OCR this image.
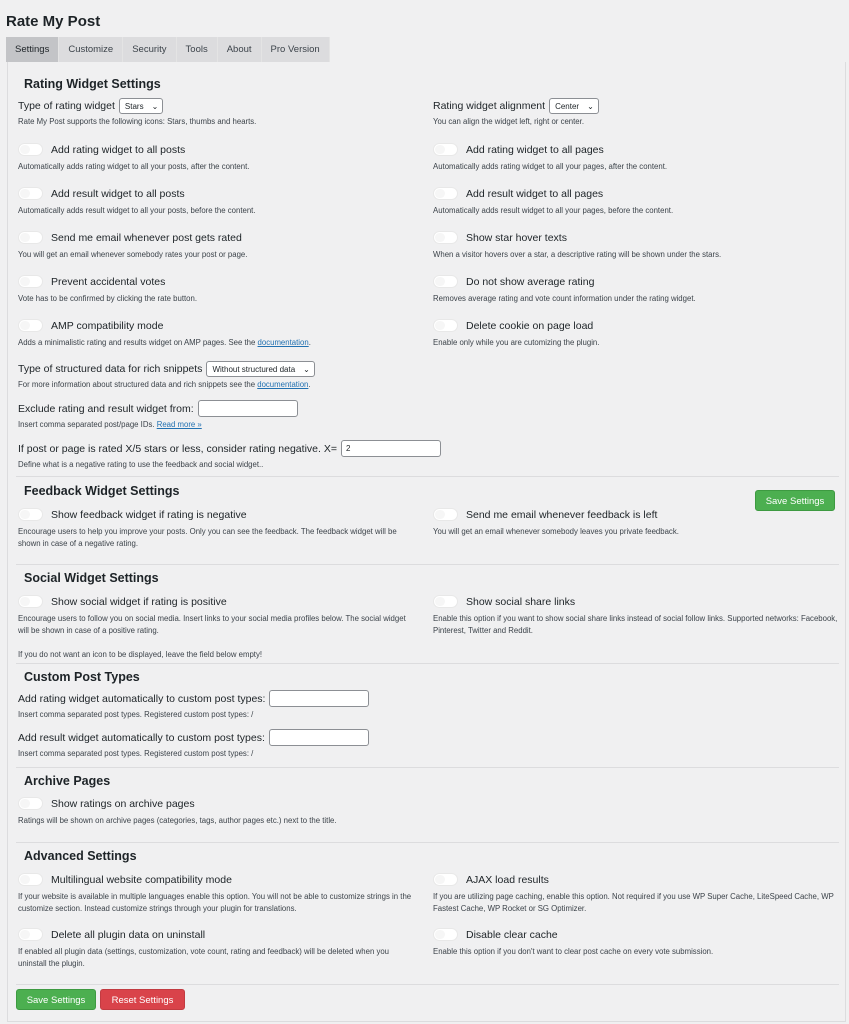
Rate My Post
Settings	Customize	Security	Tools	About	Pro Version
Rating Widget Settings
Type of rating widget Stars ⌄
Rate My Post supports the following icons: Stars, thumbs and hearts.
Rating widget alignment Center ⌄
You can align the widget left, right or center.
Add rating widget to all posts
Automatically adds rating widget to all your posts, after the content.
Add result widget to all posts
Automatically adds result widget to all your posts, before the content.
Send me email whenever post gets rated
You will get an email whenever somebody rates your post or page.
Prevent accidental votes
Vote has to be confirmed by clicking the rate button.
AMP compatibility mode
Adds a minimalistic rating and results widget on AMP pages. See the documentation.
Add rating widget to all pages
Automatically adds rating widget to all your pages, after the content.
Add result widget to all pages
Automatically adds result widget to all your pages, before the content.
Show star hover texts
When a visitor hovers over a star, a descriptive rating will be shown under the stars.
Do not show average rating
Removes average rating and vote count information under the rating widget.
Delete cookie on page load
Enable only while you are cutomizing the plugin.
Type of structured data for rich snippets Without structured data ⌄
For more information about structured data and rich snippets see the documentation.
Exclude rating and result widget from:
Insert comma separated post/page IDs. Read more »
If post or page is rated X/5 stars or less, consider rating negative. X=	2
Define what is a negative rating to use the feedback and social widget..
Feedback Widget Settings
Save Settings
Show feedback widget if rating is negative
Encourage users to help you improve your posts. Only you can see the feedback. The feedback widget will be shown in case of a negative rating.
Send me email whenever feedback is left
You will get an email whenever somebody leaves you private feedback.
Social Widget Settings
Show social widget if rating is positive
Encourage users to follow you on social media. Insert links to your social media profiles below. The social widget will be shown in case of a positive rating.
Show social share links
Enable this option if you want to show social share links instead of social follow links. Supported networks: Facebook, Pinterest, Twitter and Reddit.
If you do not want an icon to be displayed, leave the field below empty!
Custom Post Types
Add rating widget automatically to custom post types:
Insert comma separated post types. Registered custom post types: /
Add result widget automatically to custom post types:
Insert comma separated post types. Registered custom post types: /
Archive Pages
Show ratings on archive pages
Ratings will be shown on archive pages (categories, tags, author pages etc.) next to the title.
Advanced Settings
Multilingual website compatibility mode
If your website is available in multiple languages enable this option. You will not be able to customize strings in the customize section. Instead customize strings through your plugin for translations.
Delete all plugin data on uninstall
If enabled all plugin data (settings, customization, vote count, rating and feedback) will be deleted when you uninstall the plugin.
AJAX load results
If you are utilizing page caching, enable this option. Not required if you use WP Super Cache, LiteSpeed Cache, WP Fastest Cache, WP Rocket or SG Optimizer.
Disable clear cache
Enable this option if you don't want to clear post cache on every vote submission.
Save Settings	Reset Settings
